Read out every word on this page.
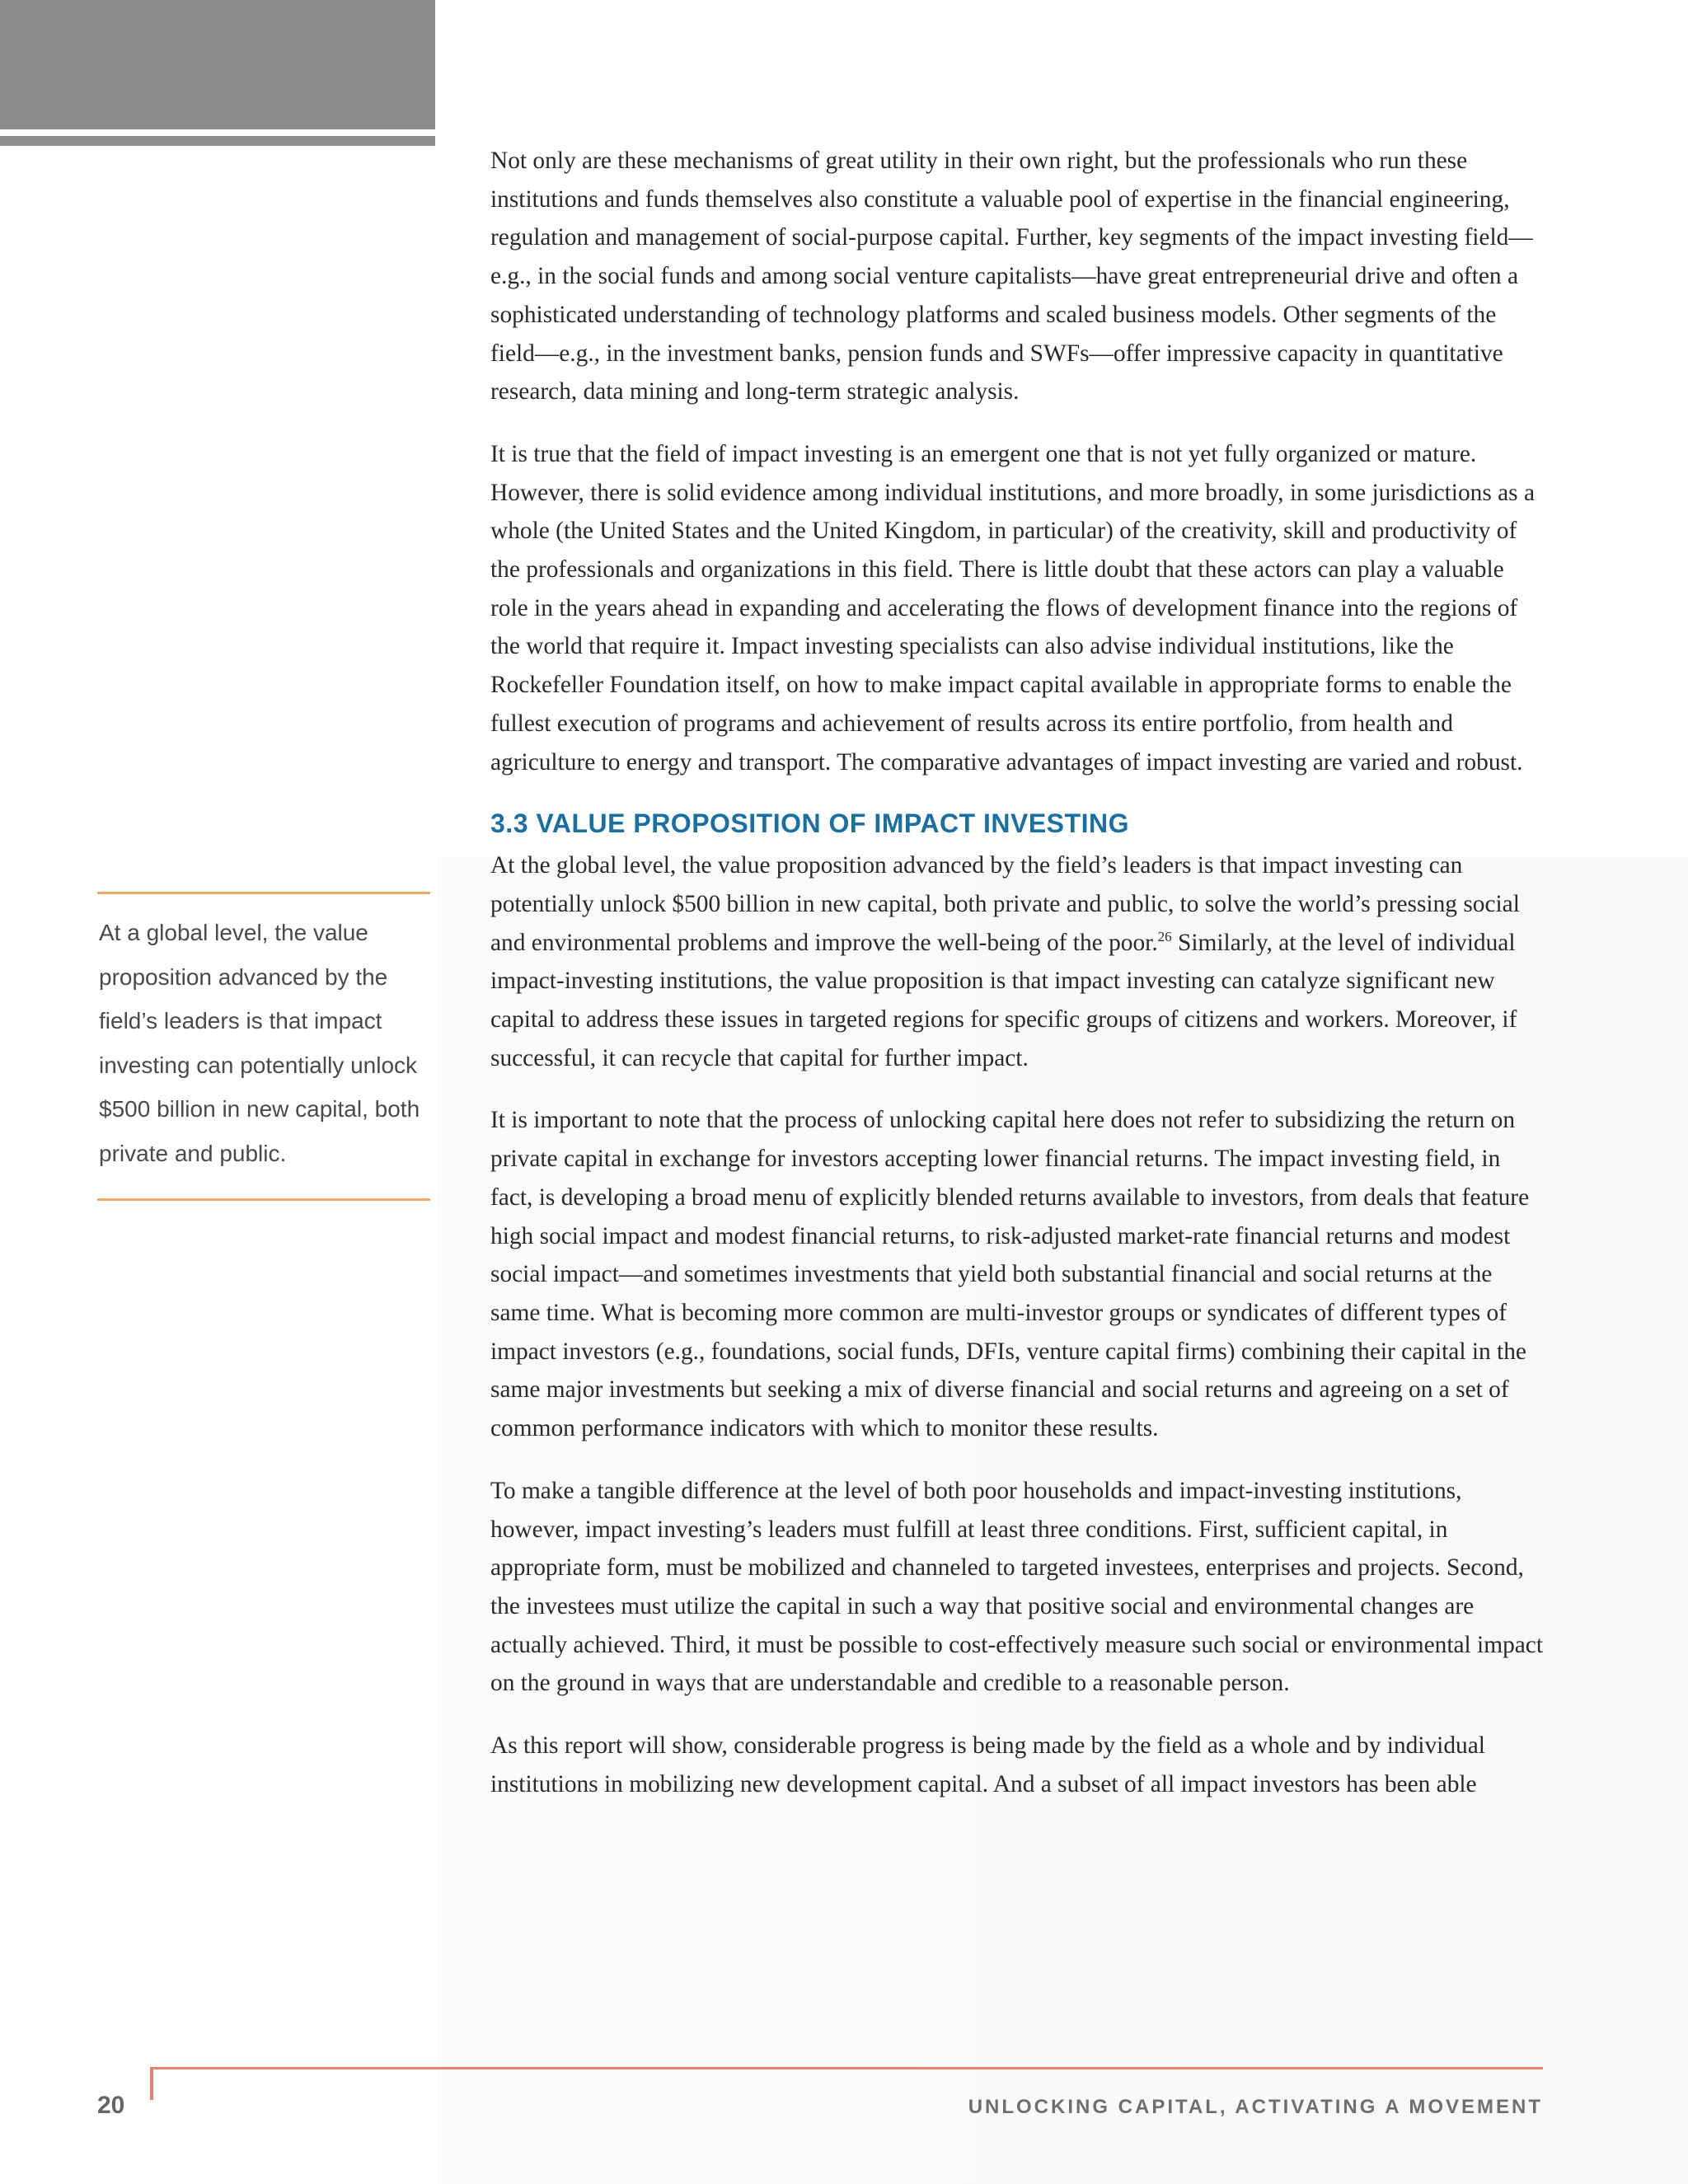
Not only are these mechanisms of great utility in their own right, but the professionals who run these institutions and funds themselves also constitute a valuable pool of expertise in the financial engineering, regulation and management of social-purpose capital. Further, key segments of the impact investing field—e.g., in the social funds and among social venture capitalists—have great entrepreneurial drive and often a sophisticated understanding of technology platforms and scaled business models. Other segments of the field—e.g., in the investment banks, pension funds and SWFs—offer impressive capacity in quantitative research, data mining and long-term strategic analysis.

It is true that the field of impact investing is an emergent one that is not yet fully organized or mature. However, there is solid evidence among individual institutions, and more broadly, in some jurisdictions as a whole (the United States and the United Kingdom, in particular) of the creativity, skill and productivity of the professionals and organizations in this field. There is little doubt that these actors can play a valuable role in the years ahead in expanding and accelerating the flows of development finance into the regions of the world that require it. Impact investing specialists can also advise individual institutions, like the Rockefeller Foundation itself, on how to make impact capital available in appropriate forms to enable the fullest execution of programs and achievement of results across its entire portfolio, from health and agriculture to energy and transport. The comparative advantages of impact investing are varied and robust.

3.3 VALUE PROPOSITION OF IMPACT INVESTING

At the global level, the value proposition advanced by the field’s leaders is that impact investing can potentially unlock $500 billion in new capital, both private and public, to solve the world’s pressing social and environmental problems and improve the well-being of the poor.$^{26}$ Similarly, at the level of individual impact-investing institutions, the value proposition is that impact investing can catalyze significant new capital to address these issues in targeted regions for specific groups of citizens and workers. Moreover, if successful, it can recycle that capital for further impact.

It is important to note that the process of unlocking capital here does not refer to subsidizing the return on private capital in exchange for investors accepting lower financial returns. The impact investing field, in fact, is developing a broad menu of explicitly blended returns available to investors, from deals that feature high social impact and modest financial returns, to risk-adjusted market-rate financial returns and modest social impact—and sometimes investments that yield both substantial financial and social returns at the same time. What is becoming more common are multi-investor groups or syndicates of different types of impact investors (e.g., foundations, social funds, DFIs, venture capital firms) combining their capital in the same major investments but seeking a mix of diverse financial and social returns and agreeing on a set of common performance indicators with which to monitor these results.

To make a tangible difference at the level of both poor households and impact-investing institutions, however, impact investing’s leaders must fulfill at least three conditions. First, sufficient capital, in appropriate form, must be mobilized and channeled to targeted investees, enterprises and projects. Second, the investees must utilize the capital in such a way that positive social and environmental changes are actually achieved. Third, it must be possible to cost-effectively measure such social or environmental impact on the ground in ways that are understandable and credible to a reasonable person.

As this report will show, considerable progress is being made by the field as a whole and by individual institutions in mobilizing new development capital. And a subset of all impact investors has been able

At a global level, the value proposition advanced by the field’s leaders is that impact investing can potentially unlock $500 billion in new capital, both private and public.
20	UNLOCKING CAPITAL, ACTIVATING A MOVEMENT
